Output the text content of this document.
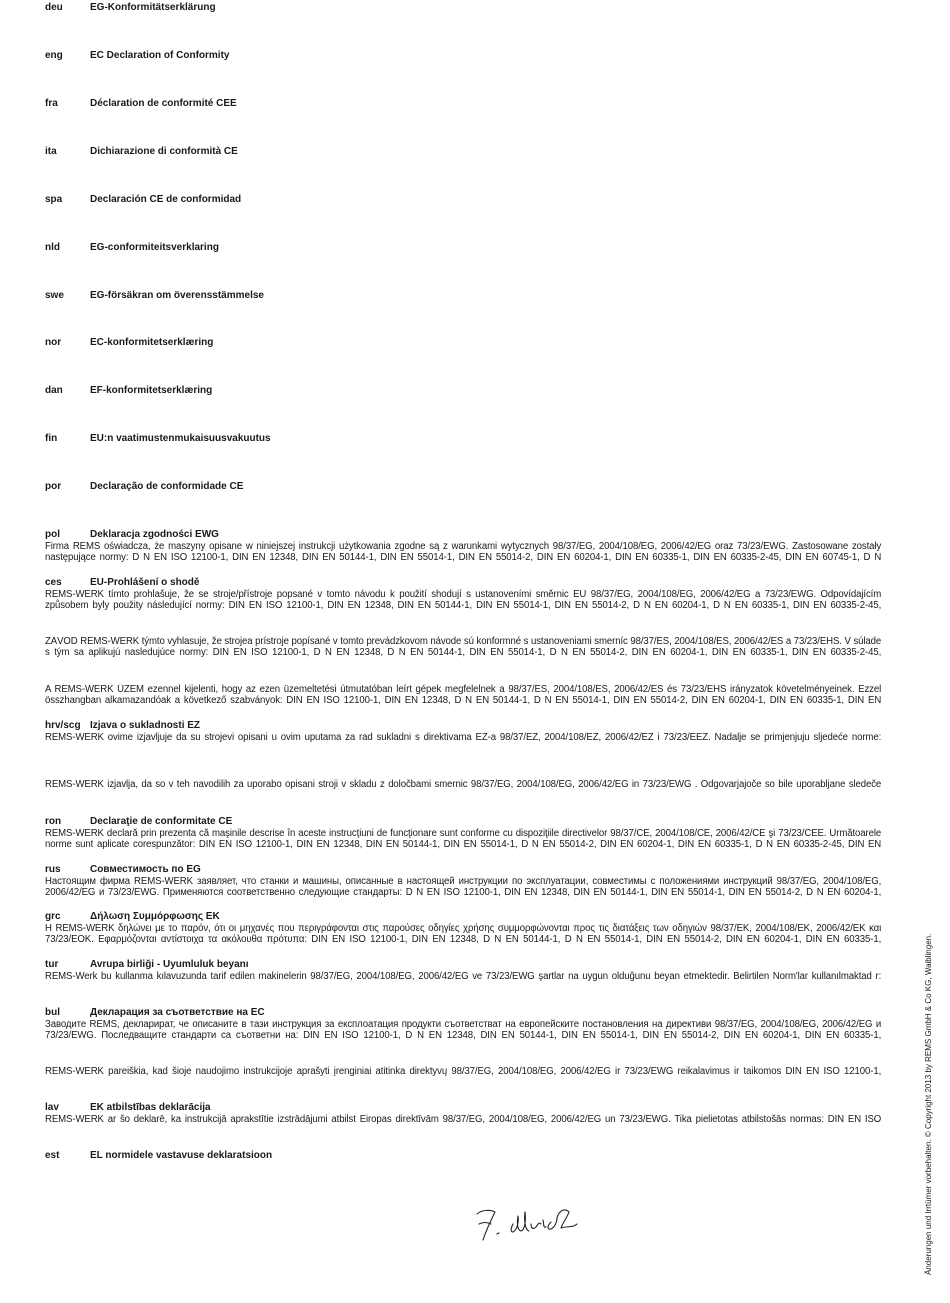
deu	EG-Konformitätserklärung
eng	EC Declaration of Conformity
fra	Déclaration de conformité CEE
ita	Dichiarazione di conformità CE
spa	Declaración CE de conformidad
nld	EG-conformiteitsverklaring
swe	EG-försäkran om överensstämmelse
nor	EC-konformitetserklæring
dan	EF-konformitetserklæring
fin	EU:n vaatimustenmukaisuusvakuutus
por	Declaração de conformidade CE
pol	Deklaracja zgodności EWG
Firma REMS oświadcza, że maszyny opisane w niniejszej instrukcji użytkowania zgodne są z warunkami wytycznych 98/37/EG, 2004/108/EG, 2006/42/EG oraz 73/23/EWG. Zastosowane zostały następujące normy: D N EN ISO 12100-1, DIN EN 12348, DIN EN 50144-1, DIN EN 55014-1, DIN EN 55014-2, DIN EN 60204-1, DIN EN 60335-1, DIN EN 60335-2-45, DIN EN 60745-1, D N
ces	EU-Prohlášení o shodě
REMS-WERK tímto prohlašuje, že se stroje/přístroje popsané v tomto návodu k použití shodují s ustanoveními směrnic EU 98/37/EG, 2004/108/EG, 2006/42/EG a 73/23/EWG. Odpovídajícím způsobem byly použity následující normy: DIN EN ISO 12100-1, DIN EN 12348, DIN EN 50144-1, DIN EN 55014-1, DIN EN 55014-2, D N EN 60204-1, D N EN 60335-1, DIN EN 60335-2-45,
ZÁVOD REMS-WERK týmto vyhlasuje, že strojea prístroje popísané v tomto prevádzkovom návode sú konformné s ustanoveniami smerníc 98/37/ES, 2004/108/ES, 2006/42/ES a 73/23/EHS. V súlade s tým sa aplikujú nasledujúce normy: DIN EN ISO 12100-1, D N EN 12348, D N EN 50144-1, DIN EN 55014-1, D N EN 55014-2, DIN EN 60204-1, DIN EN 60335-1, DIN EN 60335-2-45,
A REMS-WERK ÜZEM ezennel kijelenti, hogy az ezen üzemeltetési útmutatóban leírt gépek megfelelnek a 98/37/ES, 2004/108/ES, 2006/42/ES és 73/23/EHS irányzatok követelményeinek. Ezzel összhangban alkamazandóak a következő szabványok: DIN EN ISO 12100-1, DIN EN 12348, D N EN 50144-1, D N EN 55014-1, DIN EN 55014-2, DIN EN 60204-1, DIN EN 60335-1, DIN EN
hrv/scg Izjava o sukladnosti EZ
REMS-WERK ovime izjavljuje da su strojevi opisani u ovim uputama za rad sukladni s direktivama EZ-a 98/37/EZ, 2004/108/EZ, 2006/42/EZ i 73/23/EEZ. Nadalje se primjenjuju sljedeće norme:
REMS-WERK izjavlja, da so v teh navodilih za uporabo opisani stroji v skladu z določbami smernic 98/37/EG, 2004/108/EG, 2006/42/EG in 73/23/EWG . Odgovarjajoče so bile uporabljane sledeče
ron	Declaraţie de conformitate CE
REMS-WERK declară prin prezenta că maşinile descrise în aceste instrucţiuni de funcţionare sunt conforme cu dispoziţiile directivelor 98/37/CE, 2004/108/CE, 2006/42/CE şi 73/23/CEE. Următoarele norme sunt aplicate corespunzător: DIN EN ISO 12100-1, DIN EN 12348, DIN EN 50144-1, DIN EN 55014-1, D N EN 55014-2, DIN EN 60204-1, DIN EN 60335-1, D N EN 60335-2-45, DIN EN
rus	Совместимость по EG
Настоящим фирма REMS-WERK заявляет, что станки и машины, описанные в настоящей инструкции по эксплуатации, совместимы с положениями инструкций 98/37/EG, 2004/108/EG, 2006/42/EG и 73/23/EWG. Применяются соответственно следующие стандарты: D N EN ISO 12100-1, DIN EN 12348, DIN EN 50144-1, DIN EN 55014-1, DIN EN 55014-2, D N EN 60204-1,
grc	Δήλωση Συμμόρφωσης ΕΚ
Η REMS-WERK δηλώνει με το παρόν, ότι οι μηχανές που περιγράφονται στις παρούσες οδηγίες χρήσης συμμορφώνονται προς τις διατάξεις των οδηγιών 98/37/ΕΚ, 2004/108/ΕΚ, 2006/42/ΕΚ και 73/23/ΕΟΚ. Εφαρμόζονται αντίστοιχα τα ακόλουθα πρότυπα: DIN EN ISO 12100-1, DIN EN 12348, D N EN 50144-1, D N EN 55014-1, DIN EN 55014-2, DIN EN 60204-1, DIN EN 60335-1,
tur	Avrupa birliği - Uyumluluk beyanı
REMS-Werk bu kullanma kılavuzunda tarif edilen makinelerin 98/37/EG, 2004/108/EG, 2006/42/EG ve 73/23/EWG şartlar na uygun olduğunu beyan etmektedir. Belirtilen Norm'lar kullanılmaktad r:
bul	Декларация за съответствие на ЕС
Заводите REMS, декларират, че описаните в тази инструкция за експлоатация продукти съответстват на европейските постановления на директиви 98/37/EG, 2004/108/EG, 2006/42/EG и 73/23/EWG. Последващите стандарти са съответни на: DIN EN ISO 12100-1, D N EN 12348, DIN EN 50144-1, DIN EN 55014-1, DIN EN 55014-2, DIN EN 60204-1, DIN EN 60335-1,
REMS-WERK pareiškia, kad šioje naudojimo instrukcijoje aprašyti įrenginiai atitinka direktyvų 98/37/EG, 2004/108/EG, 2006/42/EG ir 73/23/EWG reikalavimus ir taikomos DIN EN ISO 12100-1,
lav	EK atbilstības deklarācija
REMS-WERK ar šo deklarē, ka instrukcijā aprakstītie izstrādājumi atbilst Eiropas direktīvām 98/37/EG, 2004/108/EG, 2006/42/EG un 73/23/EWG. Tika pielietotas atbilstošās normas: DIN EN ISO
est	EL normidele vastavuse deklaratsioon	Änderungen und Irrtümer vorbehalten. © Copyright 2013 by REMS GmbH & Co KG, Waiblingen.
